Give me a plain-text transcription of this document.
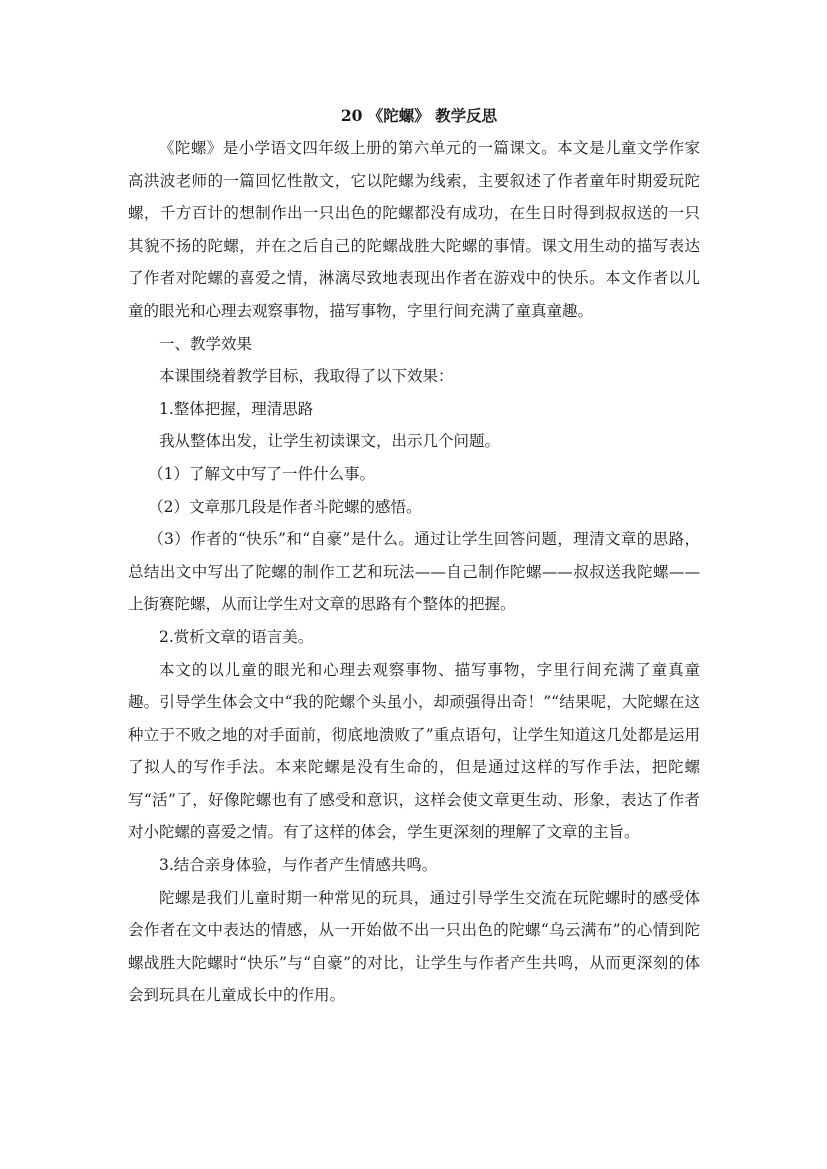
20 《陀螺》 教学反思

《陀螺》是小学语文四年级上册的第六单元的一篇课文。本文是儿童文学作家高洪波老师的一篇回忆性散文，它以陀螺为线索，主要叙述了作者童年时期爱玩陀螺，千方百计的想制作出一只出色的陀螺都没有成功，在生日时得到叔叔送的一只其貌不扬的陀螺，并在之后自己的陀螺战胜大陀螺的事情。课文用生动的描写表达了作者对陀螺的喜爱之情，淋漓尽致地表现出作者在游戏中的快乐。本文作者以儿童的眼光和心理去观察事物，描写事物，字里行间充满了童真童趣。

一、教学效果

本课围绕着教学目标，我取得了以下效果：

1.整体把握，理清思路

我从整体出发，让学生初读课文，出示几个问题。

（1）了解文中写了一件什么事。

（2）文章那几段是作者斗陀螺的感悟。

（3）作者的“快乐”和“自豪”是什么。通过让学生回答问题，理清文章的思路，总结出文中写出了陀螺的制作工艺和玩法——自己制作陀螺——叔叔送我陀螺——上街赛陀螺，从而让学生对文章的思路有个整体的把握。

2.赏析文章的语言美。

本文的以儿童的眼光和心理去观察事物、描写事物，字里行间充满了童真童趣。引导学生体会文中“我的陀螺个头虽小，却顽强得出奇！”“结果呢，大陀螺在这种立于不败之地的对手面前，彻底地溃败了”重点语句，让学生知道这几处都是运用了拟人的写作手法。本来陀螺是没有生命的，但是通过这样的写作手法，把陀螺写“活”了，好像陀螺也有了感受和意识，这样会使文章更生动、形象，表达了作者对小陀螺的喜爱之情。有了这样的体会，学生更深刻的理解了文章的主旨。

3.结合亲身体验，与作者产生情感共鸣。

陀螺是我们儿童时期一种常见的玩具，通过引导学生交流在玩陀螺时的感受体会作者在文中表达的情感，从一开始做不出一只出色的陀螺“乌云满布”的心情到陀螺战胜大陀螺时“快乐”与“自豪”的对比，让学生与作者产生共鸣，从而更深刻的体会到玩具在儿童成长中的作用。
